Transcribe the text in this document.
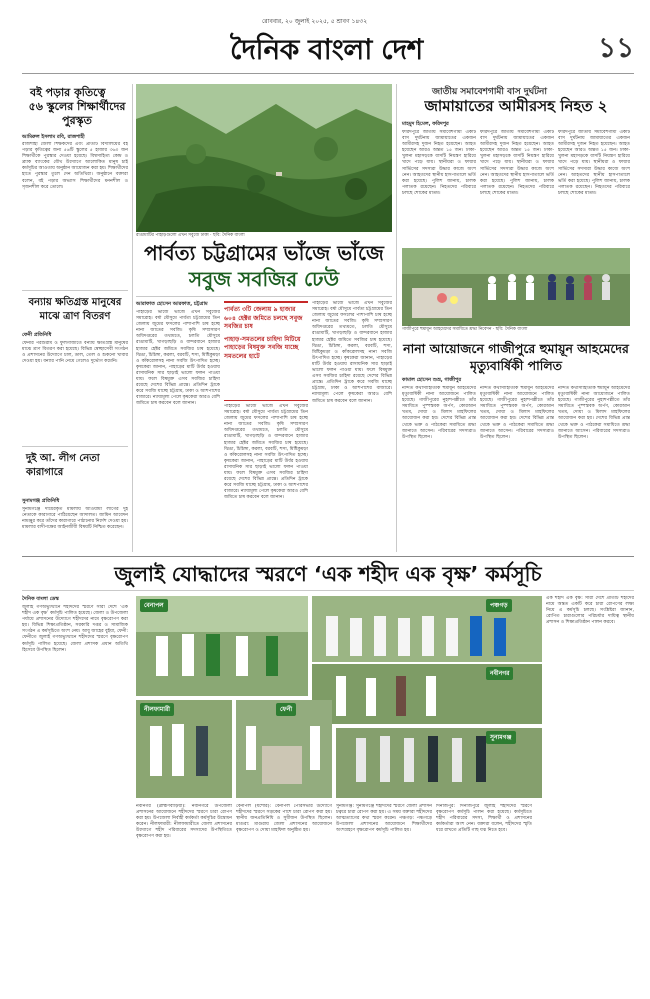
রোববার, ২০ জুলাই ২০২৫, ৫ শ্রাবণ ১৪৩২
দৈনিক বাংলা দেশ	১১
বই পড়ার কৃতিত্বে
৫৬ স্কুলের শিক্ষার্থীদের পুরস্কৃত
আমিরুল ইসলাম রবি, রাজশাহী
রাজশাহী জেলা শিক্ষকদের এবং প্রতিটি বিদ্যালয়ের বই পড়ার কৃতিত্বের জন্য ৫৬টি স্কুলের ৫ হাজার ৩৬০ জন শিক্ষার্থীকে পুরস্কার দেওয়া হয়েছে। বিশ্বসাহিত্য কেন্দ্র ও ব্র্যাক ব্যাংকের যৌথ উদ্যোগে আলোকিত মানুষ চাই কর্মসূচির আওতায় অনুষ্ঠান আয়োজন করা হয়। শিক্ষার্থীদের হাতে পুরস্কার তুলে দেন অতিথিরা। অনুষ্ঠানে বক্তারা বলেন, বই পড়ার অভ্যাস শিক্ষার্থীদের মননশীল ও সৃজনশীল করে তোলে।
বন্যায় ক্ষতিগ্রস্ত মানুষের মাঝে ত্রাণ বিতরণ
ফেনী প্রতিনিধি
ফেনীর পরশুরাম ও ফুলগাজীতে বন্যায় ক্ষতিগ্রস্ত মানুষের মাঝে ত্রাণ বিতরণ করা হয়েছে। বিভিন্ন স্বেচ্ছাসেবী সংগঠন ও প্রশাসনের উদ্যোগে চাল, ডাল, তেল ও শুকনো খাবার দেওয়া হয়। বন্যার পানি নেমে গেলেও দুর্ভোগ কমেনি।
দুই আ. লীগ নেতা কারাগারে
সুনামগঞ্জ প্রতিনিধি
সুনামগঞ্জে দায়েরকৃত মামলায় আওয়ামী লীগের দুই নেতাকে কারাগারে পাঠিয়েছেন আদালত। জামিন আবেদন নামঞ্জুর করে তাঁদের কারাগারে পাঠানোর নির্দেশ দেওয়া হয়। মামলার বাদীপক্ষের আইনজীবী বিষয়টি নিশ্চিত করেছেন।
রাঙামাটির পাহাড়গুলো এখন সবুজে ঢাকা · ছবি: দৈনিক বাংলা
পার্বত্য চট্টগ্রামের ভাঁজে ভাঁজে
সবুজ সবজির ঢেউ
আরাফাত হোসেন আরফাত, চট্টগ্রাম
পাহাড়ের ভাঁজে ভাঁজে এখন সবুজের সমারোহ। বর্ষা মৌসুমে পার্বত্য চট্টগ্রামের তিন জেলায় জুমের ফসলের পাশাপাশি চাষ হচ্ছে নানা জাতের সবজি। কৃষি সম্প্রসারণ অধিদপ্তরের তথ্যমতে, চলতি মৌসুমে রাঙামাটি, খাগড়াছড়ি ও বান্দরবানে হাজার হাজার হেক্টর জমিতে সবজির চাষ হয়েছে। ঝিঙা, চিচিঙ্গা, করলা, বরবটি, শসা, মিষ্টিকুমড়া ও কাঁকরোলসহ নানা সবজি উৎপাদিত হচ্ছে। কৃষকেরা জানান, পাহাড়ের মাটি উর্বর হওয়ায় রাসায়নিক সার ছাড়াই ভালো ফলন পাওয়া যায়। ফলে বিষমুক্ত এসব সবজির চাহিদা রয়েছে দেশের বিভিন্ন প্রান্তে। প্রতিদিন ট্রাকে করে সবজি যাচ্ছে চট্টগ্রাম, ঢাকা ও আশপাশের বাজারে। ন্যায্যমূল্য পেলে কৃষকেরা আরও বেশি জমিতে চাষ করবেন বলে জানান।
পার্বত্য ৩টি জেলায় ৯ হাজার ৬০৪ হেক্টর জমিতে চলছে সবুজ সবজির চাষ
পাহাড়-সমতলের চাহিদা মিটিয়ে পাহাড়ের বিষমুক্ত সবজি যাচ্ছে সমতলের হাটে
পাহাড়ের ভাঁজে ভাঁজে এখন সবুজের সমারোহ। বর্ষা মৌসুমে পার্বত্য চট্টগ্রামের তিন জেলায় জুমের ফসলের পাশাপাশি চাষ হচ্ছে নানা জাতের সবজি। কৃষি সম্প্রসারণ অধিদপ্তরের তথ্যমতে, চলতি মৌসুমে রাঙামাটি, খাগড়াছড়ি ও বান্দরবানে হাজার হাজার হেক্টর জমিতে সবজির চাষ হয়েছে। ঝিঙা, চিচিঙ্গা, করলা, বরবটি, শসা, মিষ্টিকুমড়া ও কাঁকরোলসহ নানা সবজি উৎপাদিত হচ্ছে। কৃষকেরা জানান, পাহাড়ের মাটি উর্বর হওয়ায় রাসায়নিক সার ছাড়াই ভালো ফলন পাওয়া যায়। ফলে বিষমুক্ত এসব সবজির চাহিদা রয়েছে দেশের বিভিন্ন প্রান্তে। প্রতিদিন ট্রাকে করে সবজি যাচ্ছে চট্টগ্রাম, ঢাকা ও আশপাশের বাজারে। ন্যায্যমূল্য পেলে কৃষকেরা আরও বেশি জমিতে চাষ করবেন বলে জানান।
পাহাড়ের ভাঁজে ভাঁজে এখন সবুজের সমারোহ। বর্ষা মৌসুমে পার্বত্য চট্টগ্রামের তিন জেলায় জুমের ফসলের পাশাপাশি চাষ হচ্ছে নানা জাতের সবজি। কৃষি সম্প্রসারণ অধিদপ্তরের তথ্যমতে, চলতি মৌসুমে রাঙামাটি, খাগড়াছড়ি ও বান্দরবানে হাজার হাজার হেক্টর জমিতে সবজির চাষ হয়েছে। ঝিঙা, চিচিঙ্গা, করলা, বরবটি, শসা, মিষ্টিকুমড়া ও কাঁকরোলসহ নানা সবজি উৎপাদিত হচ্ছে। কৃষকেরা জানান, পাহাড়ের মাটি উর্বর হওয়ায় রাসায়নিক সার ছাড়াই ভালো ফলন পাওয়া যায়। ফলে বিষমুক্ত এসব সবজির চাহিদা রয়েছে দেশের বিভিন্ন প্রান্তে। প্রতিদিন ট্রাকে করে সবজি যাচ্ছে চট্টগ্রাম, ঢাকা ও আশপাশের বাজারে। ন্যায্যমূল্য পেলে কৃষকেরা আরও বেশি জমিতে চাষ করবেন বলে জানান।
জাতীয় সমাবেশগামী বাস দুর্ঘটনা
জামায়াতের আমীরসহ নিহত ২
মাহমুদ হিমেল, ফরিদপুর
ফরিদপুরে জাতীয় সমাবেশগামী একটি বাস দুর্ঘটনায় জামায়াতের একজন আমীরসহ দুজন নিহত হয়েছেন। আহত হয়েছেন আরও অন্তত ১৫ জন। ঢাকা-খুলনা মহাসড়কে বাসটি নিয়ন্ত্রণ হারিয়ে খাদে পড়ে যায়। স্থানীয়রা ও ফায়ার সার্ভিসের সদস্যরা উদ্ধার কাজে অংশ নেন। আহতদের স্থানীয় হাসপাতালে ভর্তি করা হয়েছে। পুলিশ জানায়, চালক পলাতক রয়েছেন। নিহতদের পরিবারে চলছে শোকের মাতম।
ফরিদপুরে জাতীয় সমাবেশগামী একটি বাস দুর্ঘটনায় জামায়াতের একজন আমীরসহ দুজন নিহত হয়েছেন। আহত হয়েছেন আরও অন্তত ১৫ জন। ঢাকা-খুলনা মহাসড়কে বাসটি নিয়ন্ত্রণ হারিয়ে খাদে পড়ে যায়। স্থানীয়রা ও ফায়ার সার্ভিসের সদস্যরা উদ্ধার কাজে অংশ নেন। আহতদের স্থানীয় হাসপাতালে ভর্তি করা হয়েছে। পুলিশ জানায়, চালক পলাতক রয়েছেন। নিহতদের পরিবারে চলছে শোকের মাতম।
ফরিদপুরে জাতীয় সমাবেশগামী একটি বাস দুর্ঘটনায় জামায়াতের একজন আমীরসহ দুজন নিহত হয়েছেন। আহত হয়েছেন আরও অন্তত ১৫ জন। ঢাকা-খুলনা মহাসড়কে বাসটি নিয়ন্ত্রণ হারিয়ে খাদে পড়ে যায়। স্থানীয়রা ও ফায়ার সার্ভিসের সদস্যরা উদ্ধার কাজে অংশ নেন। আহতদের স্থানীয় হাসপাতালে ভর্তি করা হয়েছে। পুলিশ জানায়, চালক পলাতক রয়েছেন। নিহতদের পরিবারে চলছে শোকের মাতম।
গাজীপুরে হুমায়ূন আহমেদের সমাধিতে শ্রদ্ধা নিবেদন · ছবি: দৈনিক বাংলা
নানা আয়োজনে গাজীপুরে হুমায়ূন আহমেদের মৃত্যুবার্ষিকী পালিত
কামাল হোসেন শুভ্র, গাজীপুর
নন্দিত কথাসাহিত্যিক হুমায়ূন আহমেদের মৃত্যুবার্ষিকী নানা আয়োজনে পালিত হয়েছে। গাজীপুরের নুহাশপল্লীতে তাঁর সমাধিতে পুষ্পস্তবক অর্পণ, কোরআন খতম, দোয়া ও মিলাদ মাহফিলের আয়োজন করা হয়। দেশের বিভিন্ন প্রান্ত থেকে ভক্ত ও পাঠকেরা সমাধিতে শ্রদ্ধা জানাতে আসেন। পরিবারের সদস্যরাও উপস্থিত ছিলেন।
নন্দিত কথাসাহিত্যিক হুমায়ূন আহমেদের মৃত্যুবার্ষিকী নানা আয়োজনে পালিত হয়েছে। গাজীপুরের নুহাশপল্লীতে তাঁর সমাধিতে পুষ্পস্তবক অর্পণ, কোরআন খতম, দোয়া ও মিলাদ মাহফিলের আয়োজন করা হয়। দেশের বিভিন্ন প্রান্ত থেকে ভক্ত ও পাঠকেরা সমাধিতে শ্রদ্ধা জানাতে আসেন। পরিবারের সদস্যরাও উপস্থিত ছিলেন।
নন্দিত কথাসাহিত্যিক হুমায়ূন আহমেদের মৃত্যুবার্ষিকী নানা আয়োজনে পালিত হয়েছে। গাজীপুরের নুহাশপল্লীতে তাঁর সমাধিতে পুষ্পস্তবক অর্পণ, কোরআন খতম, দোয়া ও মিলাদ মাহফিলের আয়োজন করা হয়। দেশের বিভিন্ন প্রান্ত থেকে ভক্ত ও পাঠকেরা সমাধিতে শ্রদ্ধা জানাতে আসেন। পরিবারের সদস্যরাও উপস্থিত ছিলেন।
জুলাই যোদ্ধাদের স্মরণে ‘এক শহীদ এক বৃক্ষ’ কর্মসূচি
দৈনিক বাংলা ডেস্ক
জুলাই গণঅভ্যুত্থানে শহীদদের স্মরণে সারা দেশে ‘এক শহীদ এক বৃক্ষ’ কর্মসূচি পালিত হয়েছে। জেলা ও উপজেলা পর্যায়ে প্রশাসনের উদ্যোগে শহীদদের নামে বৃক্ষরোপণ করা হয়। বিভিন্ন শিক্ষাপ্রতিষ্ঠান, সরকারি দপ্তর ও সামাজিক সংগঠন এ কর্মসূচিতে অংশ নেয়। আবু জাহের বুইয়া, ফেনী: ফেনীতে জুলাই গণঅভ্যুত্থানে শহীদদের স্মরণে বৃক্ষরোপণ কর্মসূচি পালিত হয়েছে। জেলা প্রশাসক প্রধান অতিথি হিসেবে উপস্থিত ছিলেন।
বেনাপল	পঞ্চগড়
নবীনগর
নীলফামারী	ফেনী
সুনামগঞ্জ
নবীনগর (ব্রাহ্মণবাড়িয়া): নবীনগরে উপজেলা প্রশাসনের আয়োজনে শহীদদের স্মরণে চারা রোপণ করা হয়। উপজেলা নির্বাহী কর্মকর্তা কর্মসূচির উদ্বোধন করেন। নীলফামারী: নীলফামারীতে জেলা প্রশাসনের উদ্যোগে শহীদ পরিবারের সদস্যদের উপস্থিতিতে বৃক্ষরোপণ করা হয়।
বেনাপল (যশোর): বেনাপল পৌরসভার উদ্যোগে শহীদদের স্মরণে সড়কের পাশে চারা রোপণ করা হয়। স্থানীয় জনপ্রতিনিধি ও সুধীজন উপস্থিত ছিলেন। মাগুরা: মাগুরায় জেলা প্রশাসনের আয়োজনে বৃক্ষরোপণ ও দোয়া মাহফিল অনুষ্ঠিত হয়।
সুনামগঞ্জ: সুনামগঞ্জে শহীদদের স্মরণে জেলা প্রশাসন চত্বরে চারা রোপণ করা হয়। এ সময় বক্তারা শহীদদের আত্মত্যাগের কথা স্মরণ করেন। পঞ্চগড়: পঞ্চগড়ে উপজেলা প্রশাসনের আয়োজনে শিক্ষার্থীদের অংশগ্রহণে বৃক্ষরোপণ কর্মসূচি পালিত হয়।
দিনাজপুর: দিনাজপুরে জুলাই শহীদদের স্মরণে বৃক্ষরোপণ কর্মসূচি পালন করা হয়েছে। কর্মসূচিতে শহীদ পরিবারের সদস্য, শিক্ষার্থী ও প্রশাসনের কর্মকর্তারা অংশ নেন। বক্তারা বলেন, শহীদদের স্মৃতি ধরে রাখতে প্রতিটি গাছ যত্ন নিতে হবে।
এক শহীদ এক বৃক্ষ: সারা দেশে প্রতিটি শহীদের নামে অন্তত একটি করে চারা রোপণের লক্ষ্য নিয়ে এ কর্মসূচি চলছে। সংশ্লিষ্টরা জানান, রোপিত চারাগুলোর পরিচর্যার দায়িত্ব স্থানীয় প্রশাসন ও শিক্ষাপ্রতিষ্ঠান পালন করবে।
